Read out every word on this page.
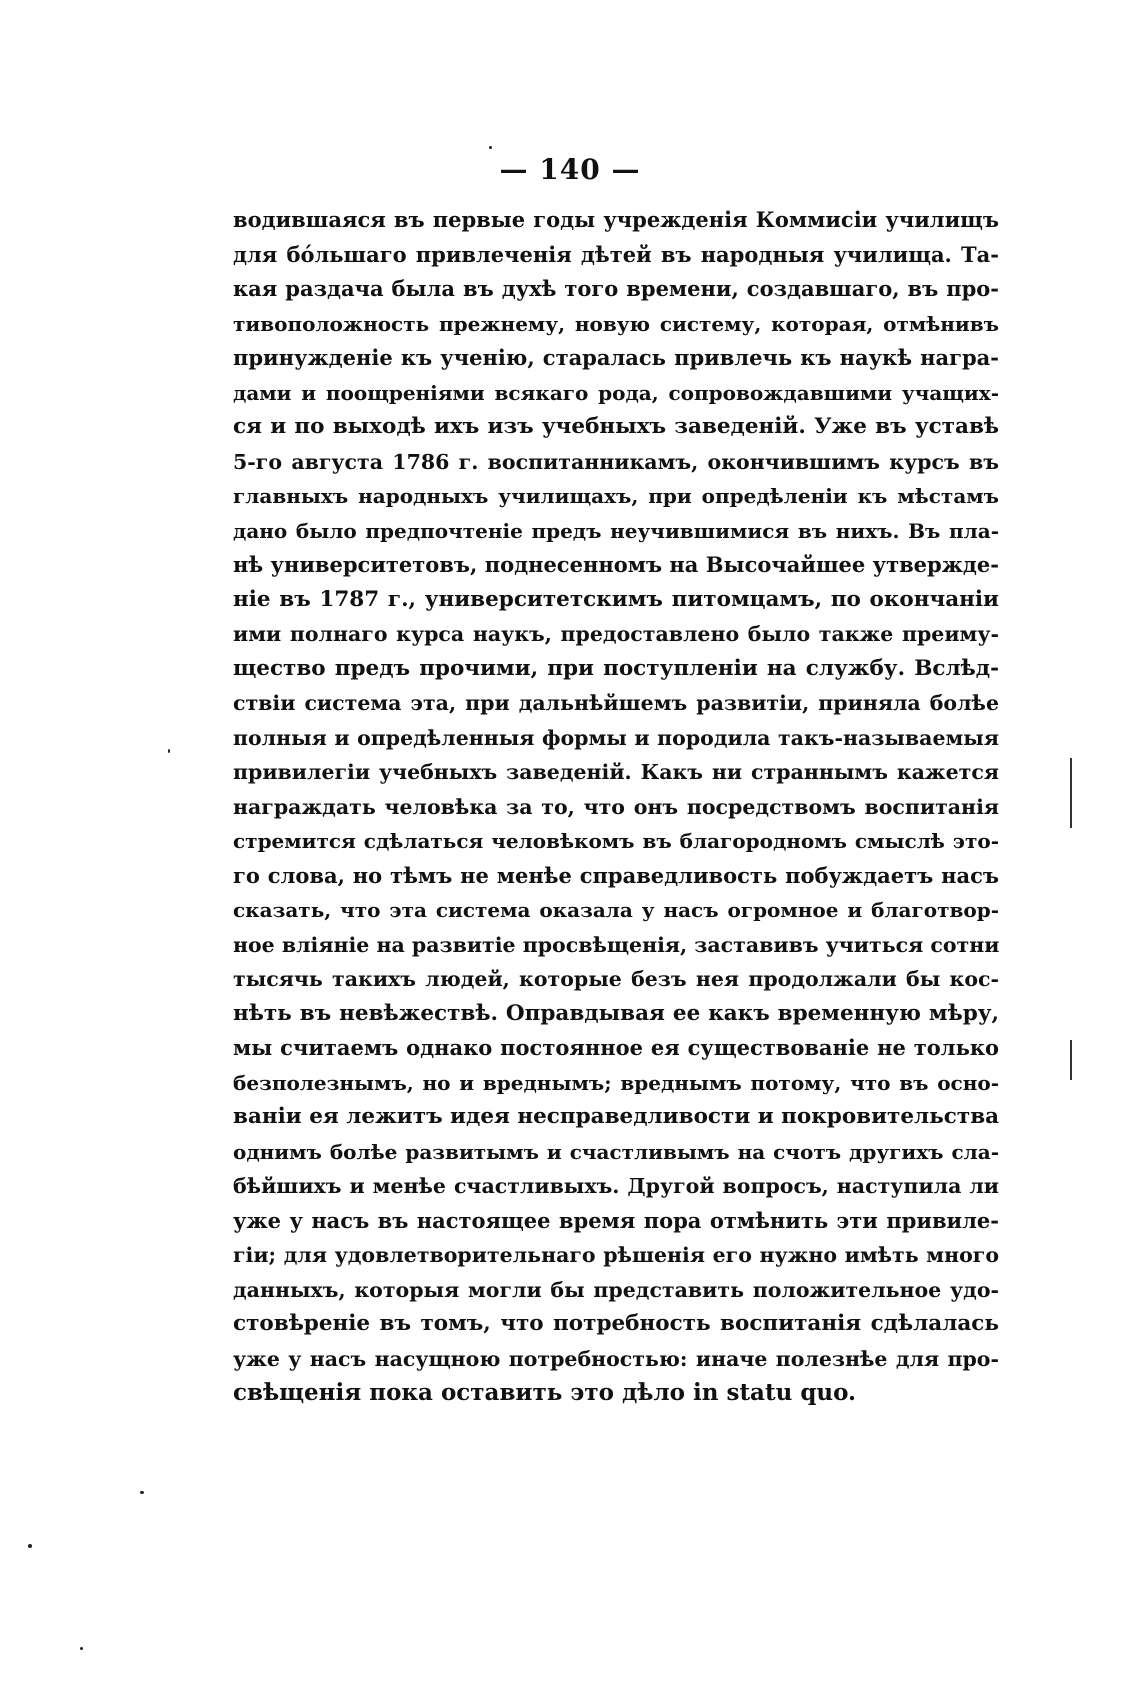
— 140 —
водившаяся въ первые годы учрежденія Коммисіи училищъ
для бо́льшаго привлеченія дѣтей въ народныя училища. Та-
кая раздача была въ духѣ того времени, создавшаго, въ про-
тивоположность прежнему, новую систему, которая, отмѣнивъ
принужденіе къ ученію, старалась привлечь къ наукѣ награ-
дами и поощреніями всякаго рода, сопровождавшими учащих-
ся и по выходѣ ихъ изъ учебныхъ заведеній. Уже въ уставѣ
5-го августа 1786 г. воспитанникамъ, окончившимъ курсъ въ
главныхъ народныхъ училищахъ, при опредѣленіи къ мѣстамъ
дано было предпочтеніе предъ неучившимися въ нихъ. Въ пла-
нѣ университетовъ, поднесенномъ на Высочайшее утвержде-
ніе въ 1787 г., университетскимъ питомцамъ, по окончаніи
ими полнаго курса наукъ, предоставлено было также преиму-
щество предъ прочими, при поступленіи на службу. Вслѣд-
ствіи система эта, при дальнѣйшемъ развитіи, приняла болѣе
полныя и опредѣленныя формы и породила такъ-называемыя
привилегіи учебныхъ заведеній. Какъ ни страннымъ кажется
награждать человѣка за то, что онъ посредствомъ воспитанія
стремится сдѣлаться человѣкомъ въ благородномъ смыслѣ это-
го слова, но тѣмъ не менѣе справедливость побуждаетъ насъ
сказать, что эта система оказала у насъ огромное и благотвор-
ное вліяніе на развитіе просвѣщенія, заставивъ учиться сотни
тысячь такихъ людей, которые безъ нея продолжали бы кос-
нѣть въ невѣжествѣ. Оправдывая ее какъ временную мѣру,
мы считаемъ однако постоянное ея существованіе не только
безполезнымъ, но и вреднымъ; вреднымъ потому, что въ осно-
ваніи ея лежитъ идея несправедливости и покровительства
однимъ болѣе развитымъ и счастливымъ на счотъ другихъ сла-
бѣйшихъ и менѣе счастливыхъ. Другой вопросъ, наступила ли
уже у насъ въ настоящее время пора отмѣнить эти привиле-
гіи; для удовлетворительнаго рѣшенія его нужно имѣть много
данныхъ, которыя могли бы представить положительное удо-
стовѣреніе въ томъ, что потребность воспитанія сдѣлалась
уже у насъ насущною потребностью: иначе полезнѣе для про-
свѣщенія пока оставить это дѣло in statu quo.
